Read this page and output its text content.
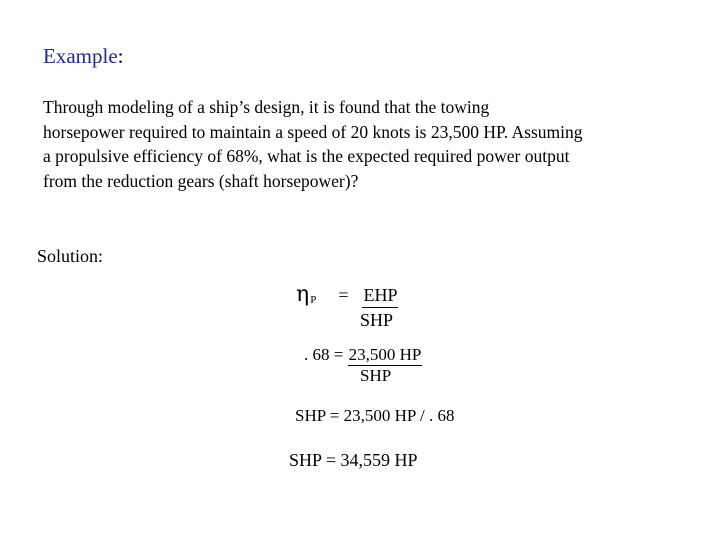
Example:
Through modeling of a ship’s design, it is found that the towing
horsepower required to maintain a speed of 20 knots is 23,500 HP. Assuming
a propulsive efficiency of 68%, what is the expected required power output
from the reduction gears (shaft horsepower)?
Solution:
ηP = EHP
SHP
. 68 = 23,500 HP
SHP
SHP = 23,500 HP / . 68
SHP = 34,559 HP
